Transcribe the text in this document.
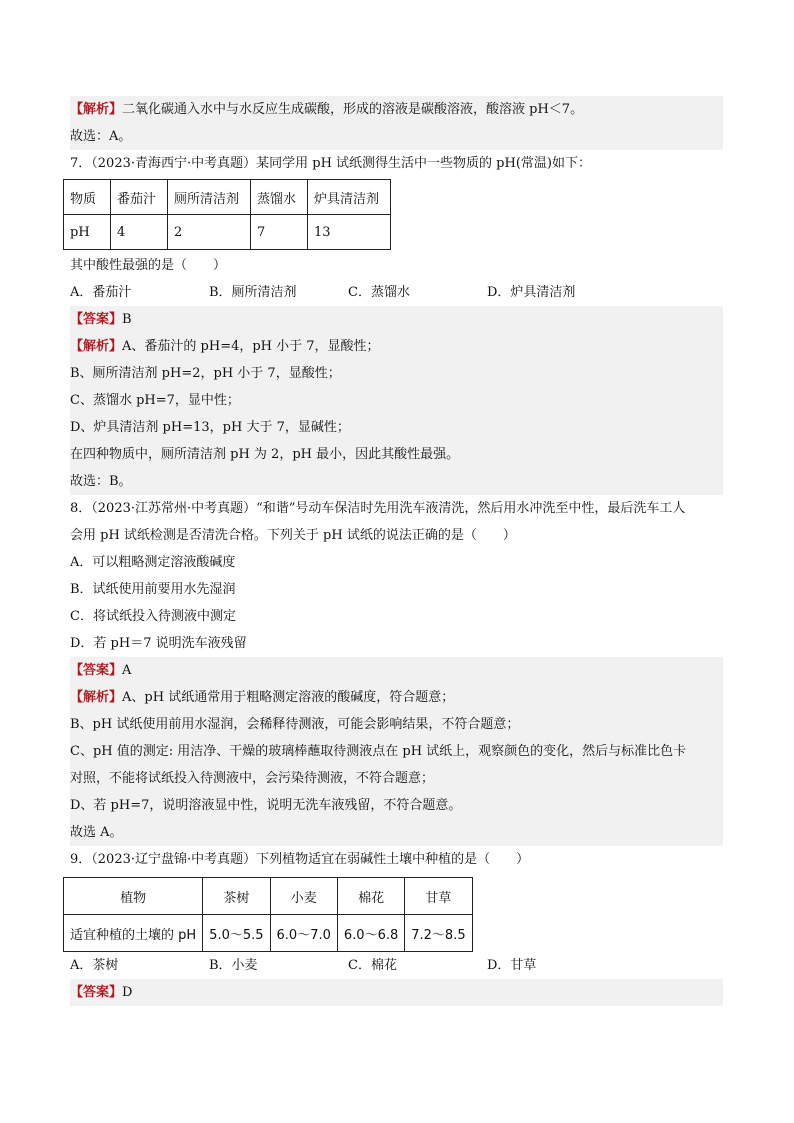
【解析】二氧化碳通入水中与水反应生成碳酸，形成的溶液是碳酸溶液，酸溶液 pH＜7。
故选：A。
7．（2023·青海西宁·中考真题）某同学用 pH 试纸测得生活中一些物质的 pH(常温)如下：
物质	番茄汁	厕所清洁剂	蒸馏水	炉具清洁剂
pH	4	2	7	13
其中酸性最强的是（　　）
A．番茄汁	B．厕所清洁剂	C．蒸馏水	D．炉具清洁剂
【答案】B
【解析】A、番茄汁的 pH=4，pH 小于 7，显酸性；
B、厕所清洁剂 pH=2，pH 小于 7，显酸性；
C、蒸馏水 pH=7，显中性；
D、炉具清洁剂 pH=13，pH 大于 7，显碱性；
在四种物质中，厕所清洁剂 pH 为 2，pH 最小，因此其酸性最强。
故选：B。
8．（2023·江苏常州·中考真题）“和谐”号动车保洁时先用洗车液清洗，然后用水冲洗至中性，最后洗车工人
会用 pH 试纸检测是否清洗合格。下列关于 pH 试纸的说法正确的是（　　）
A．可以粗略测定溶液酸碱度
B．试纸使用前要用水先湿润
C．将试纸投入待测液中测定
D．若 pH＝7 说明洗车液残留
【答案】A
【解析】A、pH 试纸通常用于粗略测定溶液的酸碱度，符合题意；
B、pH 试纸使用前用水湿润，会稀释待测液，可能会影响结果，不符合题意；
C、pH 值的测定: 用洁净、干燥的玻璃棒蘸取待测液点在 pH 试纸上，观察颜色的变化，然后与标准比色卡
对照，不能将试纸投入待测液中，会污染待测液，不符合题意；
D、若 pH=7，说明溶液显中性，说明无洗车液残留，不符合题意。
故选 A。
9．（2023·辽宁盘锦·中考真题）下列植物适宜在弱碱性土壤中种植的是（　　）
植物	茶树	小麦	棉花	甘草
适宜种植的土壤的 pH	5.0～5.5	6.0～7.0	6.0～6.8	7.2～8.5
A．茶树	B．小麦	C．棉花	D．甘草
【答案】D
